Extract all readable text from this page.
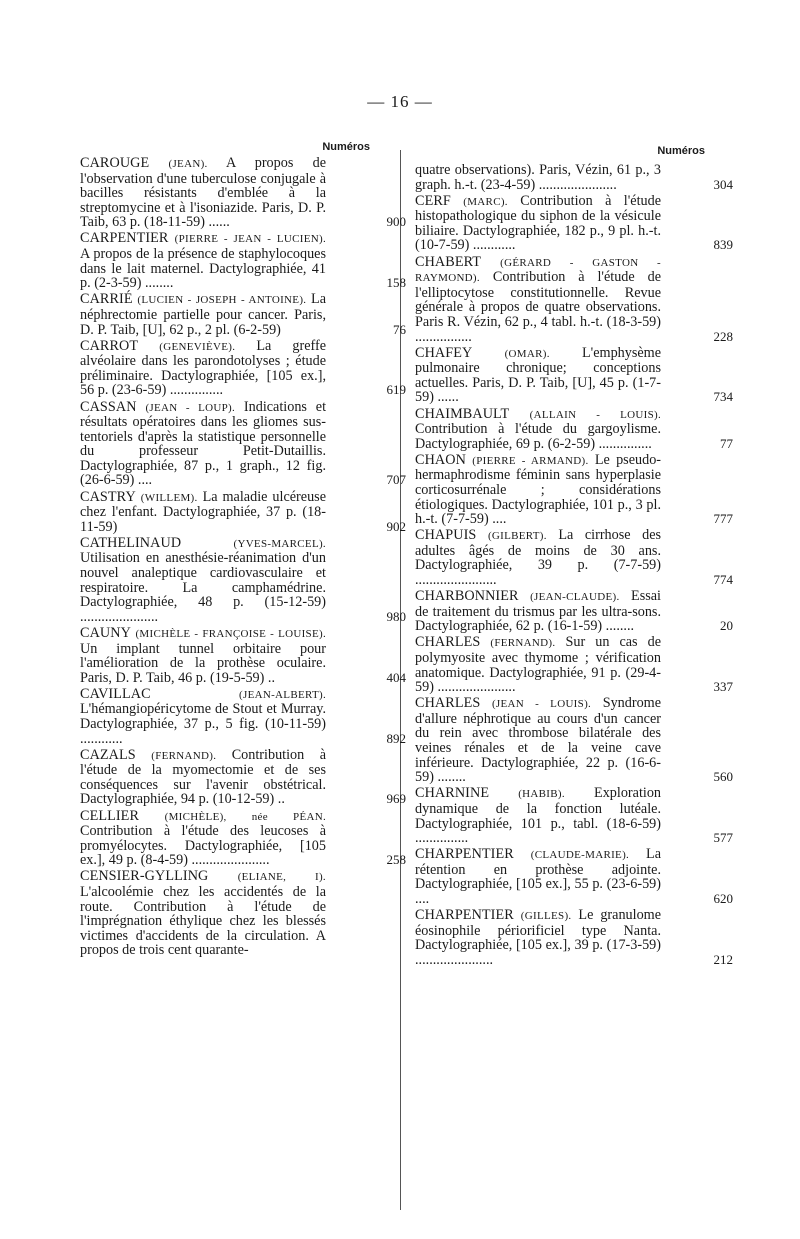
— 16 —
Numéros
CAROUGE (JEAN). A propos de l'observation d'une tuberculose conjugale à bacilles résistants d'emblée à la streptomycine et à l'isoniazide. Paris, D. P. Taib, 63 p. (18-11-59) ......	900
CARPENTIER (PIERRE - JEAN - LUCIEN). A propos de la présence de staphylocoques dans le lait maternel. Dactylographiée, 41 p. (2-3-59) ........	158
CARRIÉ (LUCIEN - JOSEPH - ANTOINE). La néphrectomie partielle pour cancer. Paris, D. P. Taib, [U], 62 p., 2 pl. (6-2-59)	76
CARROT (GENEVIÈVE). La greffe alvéolaire dans les parondotolyses ; étude préliminaire. Dactylographiée, [105 ex.], 56 p. (23-6-59) ...............	619
CASSAN (JEAN - LOUP). Indications et résultats opératoires dans les gliomes sus-tentoriels d'après la statistique personnelle du professeur Petit-Dutaillis. Dactylographiée, 87 p., 1 graph., 12 fig. (26-6-59) ....	707
CASTRY (WILLEM). La maladie ulcéreuse chez l'enfant. Dactylographiée, 37 p. (18-11-59)	902
CATHELINAUD	(YVES-MARCEL). Utilisation en anesthésie-réanimation d'un nouvel analeptique cardiovasculaire et respiratoire. La camphamédrine. Dactylographiée, 48 p. (15-12-59) ......................	980
CAUNY (MICHÈLE - FRANÇOISE - LOUISE). Un implant tunnel orbitaire pour l'amélioration de la prothèse oculaire. Paris, D. P. Taib, 46 p. (19-5-59) ..	404
CAVILLAC	(JEAN-ALBERT). L'hémangiopéricytome de Stout et Murray. Dactylographiée, 37 p., 5 fig. (10-11-59) ............	892
CAZALS (FERNAND). Contribution à l'étude de la myomectomie et de ses conséquences sur l'avenir obstétrical. Dactylographiée, 94 p. (10-12-59) ..	969
CELLIER (MICHÈLE), née PÉAN. Contribution à l'étude des leucoses à promyélocytes. Dactylographiée, [105 ex.], 49 p. (8-4-59) ......................	258
CENSIER-GYLLING	(ELIANE, I). L'alcoolémie chez les accidentés de la route. Contribution à l'étude de l'imprégnation éthylique chez les blessés victimes d'accidents de la circulation. A propos de trois cent quarante-
Numéros
quatre observations). Paris, Vézin, 61 p., 3 graph. h.-t. (23-4-59) ......................	304
CERF (MARC). Contribution à l'étude histopathologique du siphon de la vésicule biliaire. Dactylographiée, 182 p., 9 pl. h.-t. (10-7-59) ............	839
CHABERT (GÉRARD - GASTON - RAYMOND). Contribution à l'étude de l'elliptocytose constitutionnelle. Revue générale à propos de quatre observations. Paris R. Vézin, 62 p., 4 tabl. h.-t. (18-3-59) ................	228
CHAFEY	(OMAR). L'emphysème pulmonaire chronique; conceptions actuelles. Paris, D. P. Taib, [U], 45 p. (1-7-59) ......	734
CHAIMBAULT (ALLAIN - LOUIS). Contribution à l'étude du gargoylisme. Dactylographiée, 69 p. (6-2-59) ...............	77
CHAON (PIERRE - ARMAND). Le pseudo-hermaphrodisme féminin sans hyperplasie corticosurrénale ; considérations étiologiques. Dactylographiée, 101 p., 3 pl. h.-t. (7-7-59) ....	777
CHAPUIS (GILBERT). La cirrhose des adultes âgés de moins de 30 ans. Dactylographiée, 39 p. (7-7-59) .......................	774
CHARBONNIER (JEAN-CLAUDE). Essai de traitement du trismus par les ultra-sons. Dactylographiée, 62 p. (16-1-59) ........	20
CHARLES (FERNAND). Sur un cas de polymyosite avec thymome ; vérification anatomique. Dactylographiée, 91 p. (29-4-59) ......................	337
CHARLES (JEAN - LOUIS). Syndrome d'allure néphrotique au cours d'un cancer du rein avec thrombose bilatérale des veines rénales et de la veine cave inférieure. Dactylographiée, 22 p. (16-6-59) ........	560
CHARNINE	(HABIB). Exploration dynamique de la fonction lutéale. Dactylographiée, 101 p., tabl. (18-6-59) ...............	577
CHARPENTIER (CLAUDE-MARIE). La rétention en prothèse adjointe. Dactylographiée, [105 ex.], 55 p. (23-6-59) ....	620
CHARPENTIER (GILLES). Le granulome éosinophile périorificiel type Nanta. Dactylographiée, [105 ex.], 39 p. (17-3-59) ......................	212
